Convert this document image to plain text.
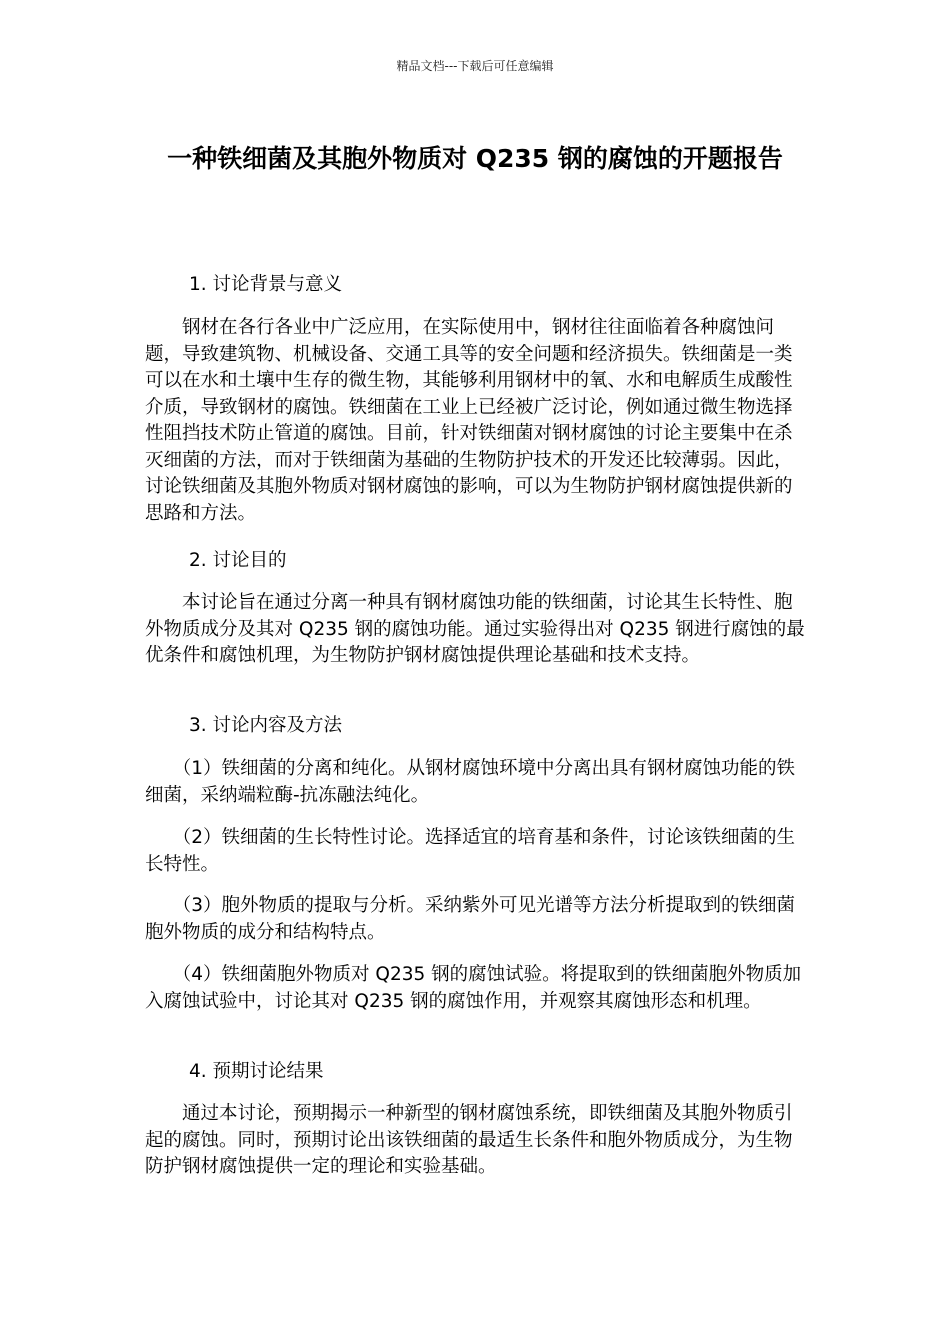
精品文档---下载后可任意编辑
一种铁细菌及其胞外物质对 Q235 钢的腐蚀的开题报告
1. 讨论背景与意义
　　钢材在各行各业中广泛应用，在实际使用中，钢材往往面临着各种腐蚀问题，导致建筑物、机械设备、交通工具等的安全问题和经济损失。铁细菌是一类可以在水和土壤中生存的微生物，其能够利用钢材中的氧、水和电解质生成酸性介质，导致钢材的腐蚀。铁细菌在工业上已经被广泛讨论，例如通过微生物选择性阻挡技术防止管道的腐蚀。目前，针对铁细菌对钢材腐蚀的讨论主要集中在杀灭细菌的方法，而对于铁细菌为基础的生物防护技术的开发还比较薄弱。因此，讨论铁细菌及其胞外物质对钢材腐蚀的影响，可以为生物防护钢材腐蚀提供新的思路和方法。
2. 讨论目的
　　本讨论旨在通过分离一种具有钢材腐蚀功能的铁细菌，讨论其生长特性、胞外物质成分及其对 Q235 钢的腐蚀功能。通过实验得出对 Q235 钢进行腐蚀的最优条件和腐蚀机理，为生物防护钢材腐蚀提供理论基础和技术支持。
3. 讨论内容及方法
　　（1）铁细菌的分离和纯化。从钢材腐蚀环境中分离出具有钢材腐蚀功能的铁细菌，采纳端粒酶-抗冻融法纯化。
　　（2）铁细菌的生长特性讨论。选择适宜的培育基和条件，讨论该铁细菌的生长特性。
　　（3）胞外物质的提取与分析。采纳紫外可见光谱等方法分析提取到的铁细菌胞外物质的成分和结构特点。
　　（4）铁细菌胞外物质对 Q235 钢的腐蚀试验。将提取到的铁细菌胞外物质加入腐蚀试验中，讨论其对 Q235 钢的腐蚀作用，并观察其腐蚀形态和机理。
4. 预期讨论结果
　　通过本讨论，预期揭示一种新型的钢材腐蚀系统，即铁细菌及其胞外物质引起的腐蚀。同时，预期讨论出该铁细菌的最适生长条件和胞外物质成分，为生物防护钢材腐蚀提供一定的理论和实验基础。
